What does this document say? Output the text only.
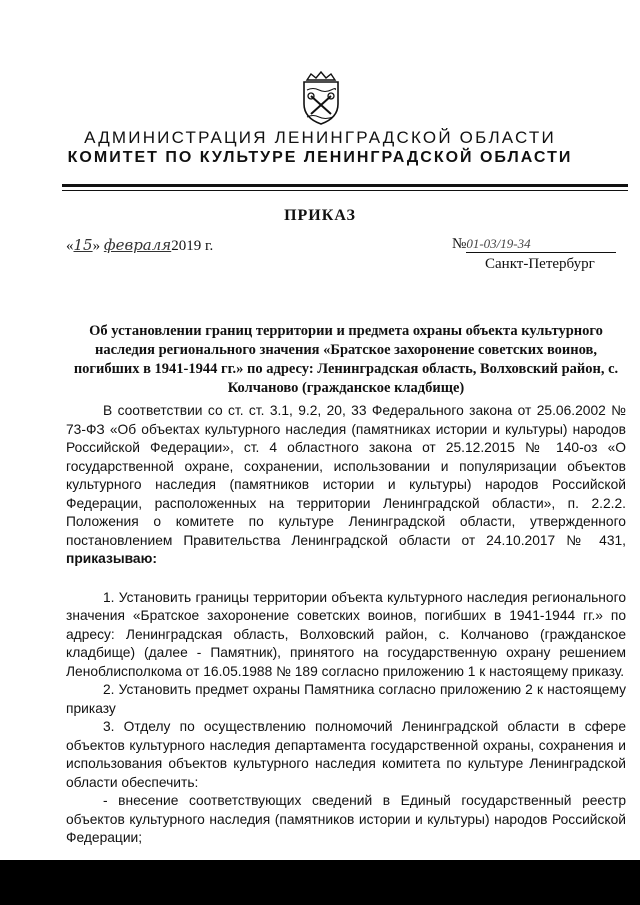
АДМИНИСТРАЦИЯ ЛЕНИНГРАДСКОЙ ОБЛАСТИ
КОМИТЕТ ПО КУЛЬТУРЕ ЛЕНИНГРАДСКОЙ ОБЛАСТИ
ПРИКАЗ
«15» февраля2019 г.	№01-03/19-34
Санкт-Петербург
Об установлении границ территории и предмета охраны объекта культурного наследия регионального значения «Братское захоронение советских воинов, погибших в 1941-1944 гг.» по адресу: Ленинградская область, Волховский район, с. Колчаново (гражданское кладбище)

В соответствии со ст. ст. 3.1, 9.2, 20, 33 Федерального закона от 25.06.2002 № 73-ФЗ «Об объектах культурного наследия (памятниках истории и культуры) народов Российской Федерации», ст. 4 областного закона от 25.12.2015 № 140-оз «О государственной охране, сохранении, использовании и популяризации объектов культурного наследия (памятников истории и культуры) народов Российской Федерации, расположенных на территории Ленинградской области», п. 2.2.2. Положения о комитете по культуре Ленинградской области, утвержденного постановлением Правительства Ленинградской области от 24.10.2017 № 431, приказываю:

1. Установить границы территории объекта культурного наследия регионального значения «Братское захоронение советских воинов, погибших в 1941-1944 гг.» по адресу: Ленинградская область, Волховский район, с. Колчаново (гражданское кладбище) (далее - Памятник), принятого на государственную охрану решением Леноблисполкома от 16.05.1988 № 189 согласно приложению 1 к настоящему приказу.

2. Установить предмет охраны Памятника согласно приложению 2 к настоящему приказу

3. Отделу по осуществлению полномочий Ленинградской области в сфере объектов культурного наследия департамента государственной охраны, сохранения и использования объектов культурного наследия комитета по культуре Ленинградской области обеспечить:

- внесение соответствующих сведений в Единый государственный реестр объектов культурного наследия (памятников истории и культуры) народов Российской Федерации;
